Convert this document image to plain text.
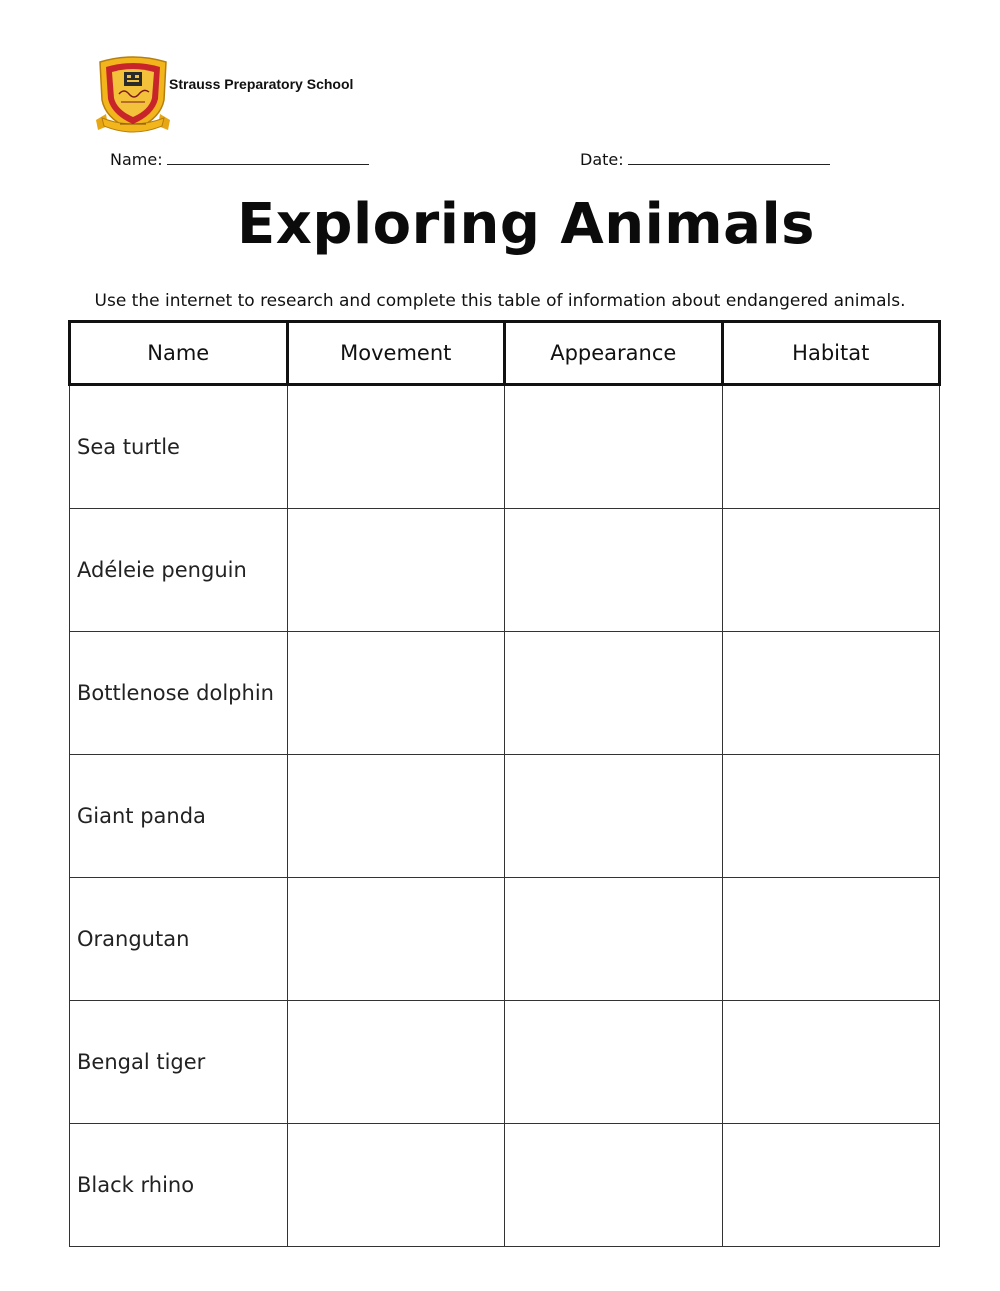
Strauss Preparatory School
Name:	Date:
Exploring Animals
Use the internet to research and complete this table of information about endangered animals.
Name	Movement	Appearance	Habitat
Sea turtle			
Adéleie penguin			
Bottlenose dolphin			
Giant panda			
Orangutan			
Bengal tiger			
Black rhino			
